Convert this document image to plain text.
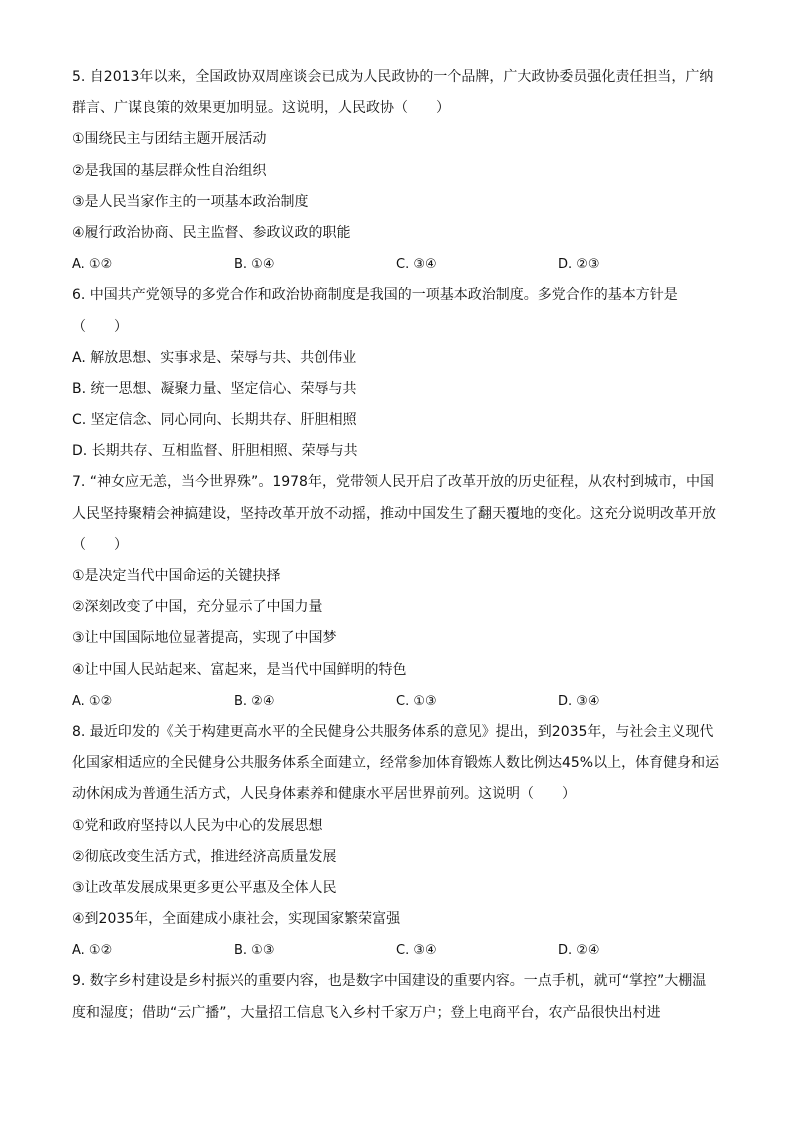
5. 自2013年以来，全国政协双周座谈会已成为人民政协的一个品牌，广大政协委员强化责任担当，广纳
群言、广谋良策的效果更加明显。这说明，人民政协（　　）
①围绕民主与团结主题开展活动
②是我国的基层群众性自治组织
③是人民当家作主的一项基本政治制度
④履行政治协商、民主监督、参政议政的职能
A. ①②	B. ①④	C. ③④	D. ②③
6. 中国共产党领导的多党合作和政治协商制度是我国的一项基本政治制度。多党合作的基本方针是
（　　）
A. 解放思想、实事求是、荣辱与共、共创伟业
B. 统一思想、凝聚力量、坚定信心、荣辱与共
C. 坚定信念、同心同向、长期共存、肝胆相照
D. 长期共存、互相监督、肝胆相照、荣辱与共
7. “神女应无恙，当今世界殊”。1978年，党带领人民开启了改革开放的历史征程，从农村到城市，中国
人民坚持聚精会神搞建设，坚持改革开放不动摇，推动中国发生了翻天覆地的变化。这充分说明改革开放
（　　）
①是决定当代中国命运的关键抉择
②深刻改变了中国，充分显示了中国力量
③让中国国际地位显著提高，实现了中国梦
④让中国人民站起来、富起来，是当代中国鲜明的特色
A. ①②	B. ②④	C. ①③	D. ③④
8. 最近印发的《关于构建更高水平的全民健身公共服务体系的意见》提出，到2035年，与社会主义现代
化国家相适应的全民健身公共服务体系全面建立，经常参加体育锻炼人数比例达45%以上，体育健身和运
动休闲成为普通生活方式，人民身体素养和健康水平居世界前列。这说明（　　）
①党和政府坚持以人民为中心的发展思想
②彻底改变生活方式，推进经济高质量发展
③让改革发展成果更多更公平惠及全体人民
④到2035年，全面建成小康社会，实现国家繁荣富强
A. ①②	B. ①③	C. ③④	D. ②④
9. 数字乡村建设是乡村振兴的重要内容，也是数字中国建设的重要内容。一点手机，就可“掌控”大棚温
度和湿度；借助“云广播”，大量招工信息飞入乡村千家万户；登上电商平台，农产品很快出村进
